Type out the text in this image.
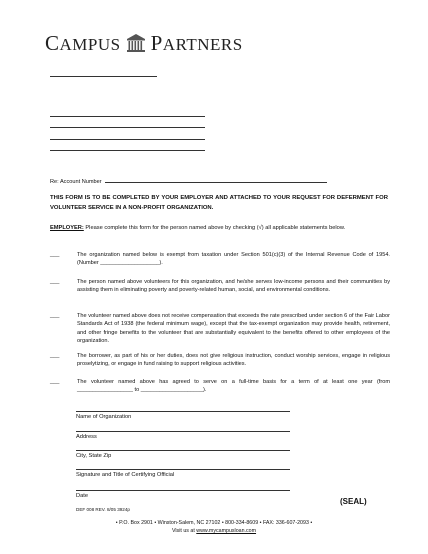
CAMPUS PARTNERS
Re: Account Number
THIS FORM IS TO BE COMPLETED BY YOUR EMPLOYER AND ATTACHED TO YOUR REQUEST FOR DEFERMENT FOR VOLUNTEER SERVICE IN A NON-PROFIT ORGANIZATION.
EMPLOYER: Please complete this form for the person named above by checking (√) all applicable statements below.
___	The organization named below is exempt from taxation under Section 501(c)(3) of the Internal Revenue Code of 1954. (Number ___________________).
___	The person named above volunteers for this organization, and he/she serves low-income persons and their communities by assisting them in eliminating poverty and poverty-related human, social, and environmental conditions.
___	The volunteer named above does not receive compensation that exceeds the rate prescribed under section 6 of the Fair Labor Standards Act of 1938 (the federal minimum wage), except that the tax-exempt organization may provide health, retirement, and other fringe benefits to the volunteer that are substantially equivalent to the benefits offered to other employees of the organization.
___	The borrower, as part of his or her duties, does not give religious instruction, conduct worship services, engage in religious proselytizing, or engage in fund raising to support religious activities.
___	The volunteer named above has agreed to serve on a full-time basis for a term of at least one year (from __________________ to ____________________).
Name of Organization
Address
City, State Zip
Signature and Title of Certifying Official
Date
(SEAL)
DEF 008 REV. 8/05 3924p
• P.O. Box 2901 • Winston-Salem, NC 27102 • 800-334-8609 • FAX: 336-607-2093 •
Visit us at www.mycampusloan.com
